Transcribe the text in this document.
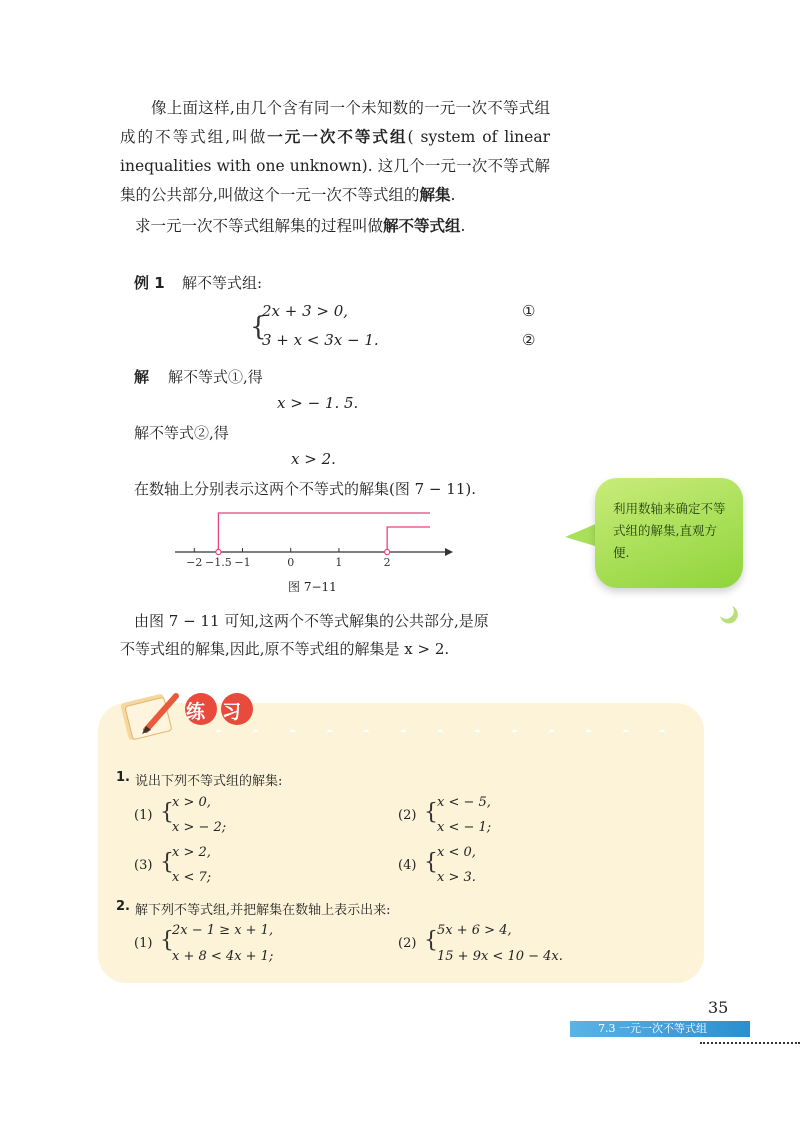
像上面这样,由几个含有同一个未知数的一元一次不等式组成的不等式组,叫做一元一次不等式组( system of linear inequalities with one unknown). 这几个一元一次不等式解集的公共部分,叫做这个一元一次不等式组的解集.
求一元一次不等式组解集的过程叫做解不等式组.
例 1 解不等式组:
{
2x + 3 > 0,
3 + x < 3x − 1.
①
②
解 解不等式①,得
x > − 1. 5.
解不等式②,得
x > 2.
在数轴上分别表示这两个不等式的解集(图 7 − 11).
−2 −1.5 −1	0	1	2
图 7−11
利用数轴来确定不等式组的解集,直观方便.
由图 7 − 11 可知,这两个不等式解集的公共部分,是原
不等式组的解集,因此,原不等式组的解集是 x > 2.
练习
1. 说出下列不等式组的解集:
(1) {
x > 0,
x > − 2;
(2) { x < − 5,
x < − 1;
(3) {
x > 2,
x < 7;
(4) { x < 0,
x > 3.
2. 解下列不等式组,并把解集在数轴上表示出来:
(1) {
2x − 1 ≥ x + 1,
x + 8 < 4x + 1;
(2) { 5x + 6 > 4,
15 + 9x < 10 − 4x.
35
7.3 一元一次不等式组
